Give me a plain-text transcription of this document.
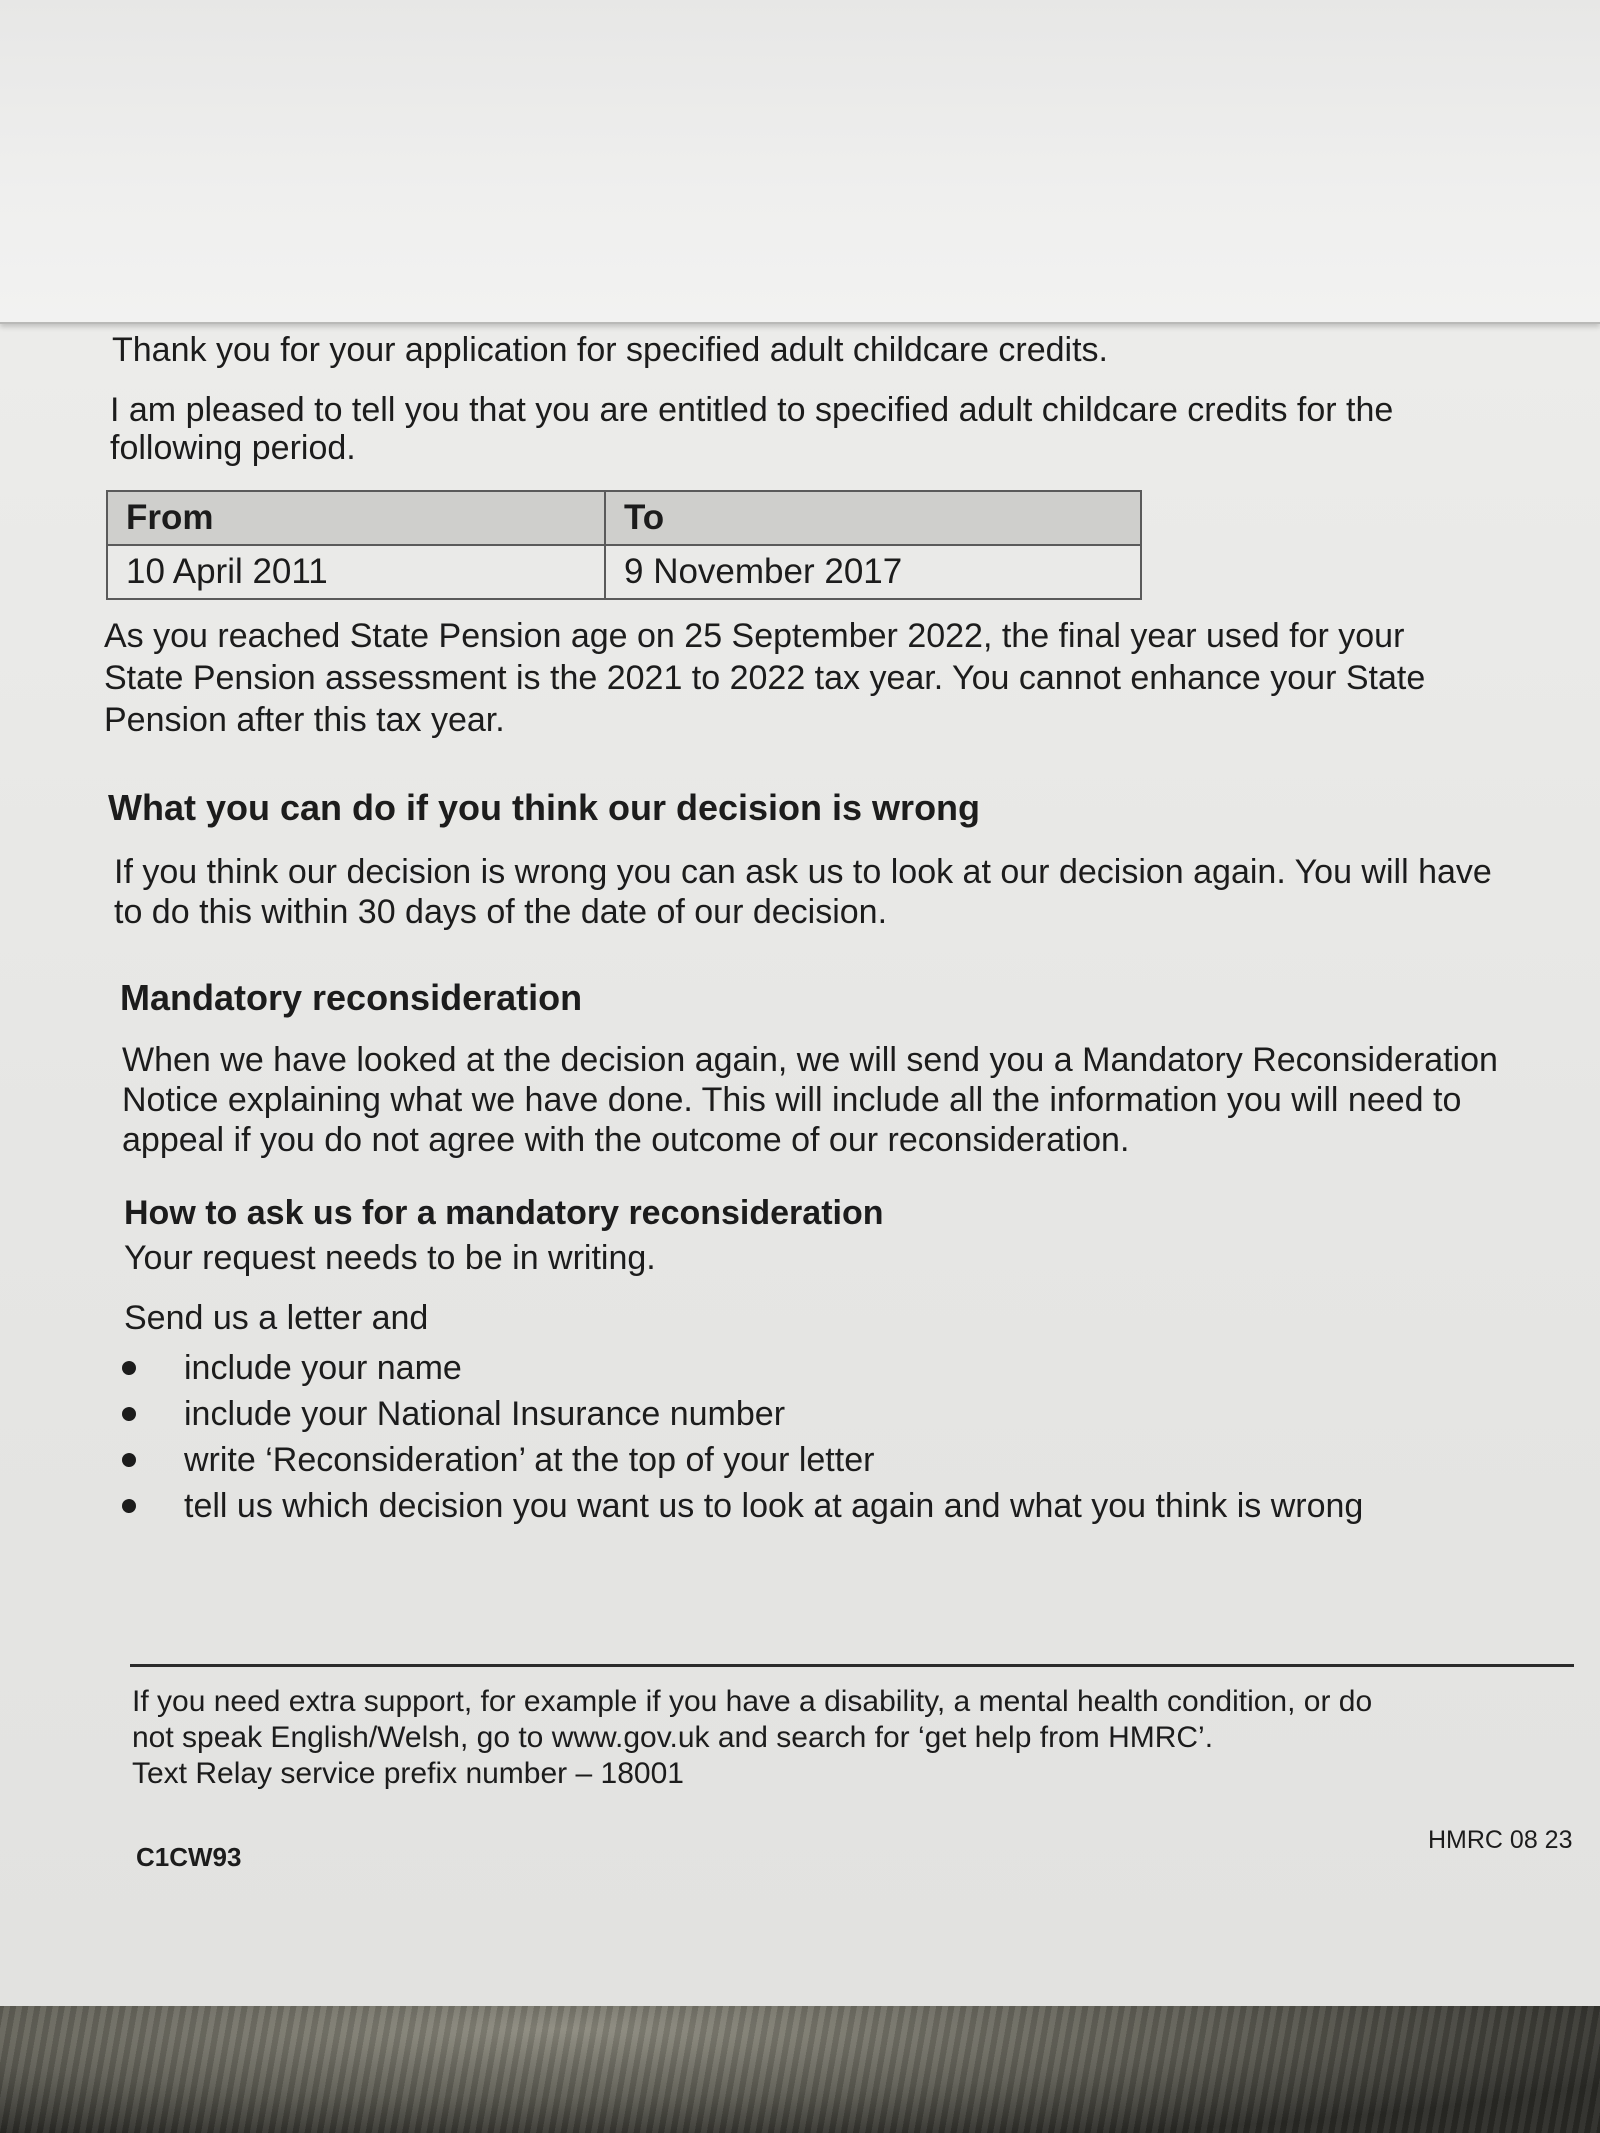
Thank you for your application for specified adult childcare credits.
I am pleased to tell you that you are entitled to specified adult childcare credits for the
following period.
From	To
10 April 2011	9 November 2017
As you reached State Pension age on 25 September 2022, the final year used for your
State Pension assessment is the 2021 to 2022 tax year. You cannot enhance your State
Pension after this tax year.
What you can do if you think our decision is wrong
If you think our decision is wrong you can ask us to look at our decision again. You will have
to do this within 30 days of the date of our decision.
Mandatory reconsideration
When we have looked at the decision again, we will send you a Mandatory Reconsideration
Notice explaining what we have done. This will include all the information you will need to
appeal if you do not agree with the outcome of our reconsideration.
How to ask us for a mandatory reconsideration
Your request needs to be in writing.
Send us a letter and
include your name
include your National Insurance number
write ‘Reconsideration’ at the top of your letter
tell us which decision you want us to look at again and what you think is wrong
If you need extra support, for example if you have a disability, a mental health condition, or do
not speak English/Welsh, go to www.gov.uk and search for ‘get help from HMRC’.
Text Relay service prefix number – 18001
C1CW93
HMRC 08 23
